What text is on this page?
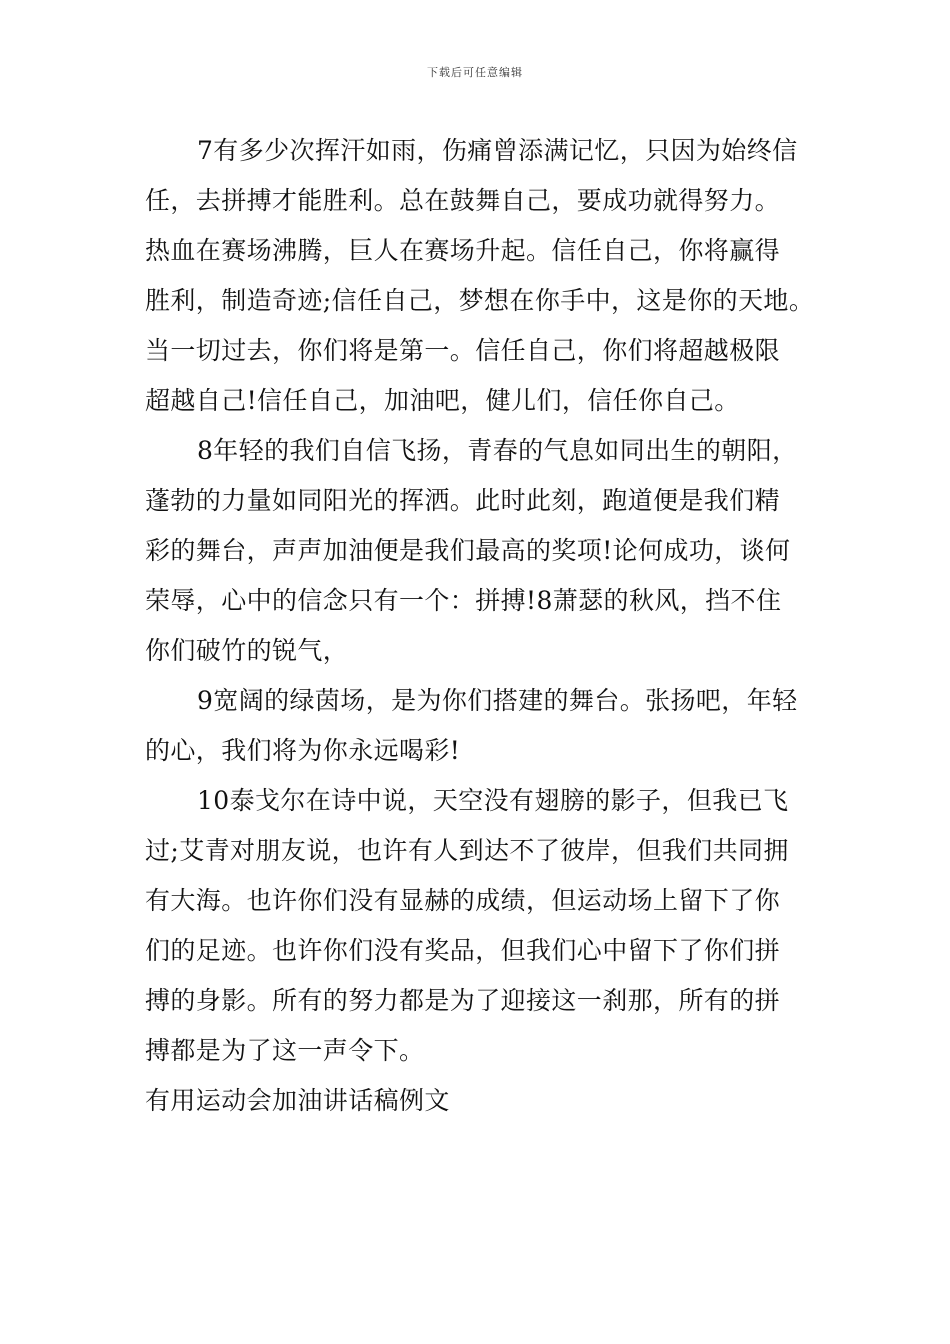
下载后可任意编辑
7有多少次挥汗如雨，伤痛曾添满记忆，只因为始终信
任，去拼搏才能胜利。总在鼓舞自己，要成功就得努力。
热血在赛场沸腾，巨人在赛场升起。信任自己，你将赢得
胜利，制造奇迹;信任自己，梦想在你手中，这是你的天地。
当一切过去，你们将是第一。信任自己，你们将超越极限
超越自己!信任自己，加油吧，健儿们，信任你自己。
8年轻的我们自信飞扬，青春的气息如同出生的朝阳，
蓬勃的力量如同阳光的挥洒。此时此刻，跑道便是我们精
彩的舞台，声声加油便是我们最高的奖项!论何成功，谈何
荣辱，心中的信念只有一个：拼搏!8萧瑟的秋风，挡不住
你们破竹的锐气，
9宽阔的绿茵场，是为你们搭建的舞台。张扬吧，年轻
的心，我们将为你永远喝彩!
10泰戈尔在诗中说，天空没有翅膀的影子，但我已飞
过;艾青对朋友说，也许有人到达不了彼岸，但我们共同拥
有大海。也许你们没有显赫的成绩，但运动场上留下了你
们的足迹。也许你们没有奖品，但我们心中留下了你们拼
搏的身影。所有的努力都是为了迎接这一刹那，所有的拼
搏都是为了这一声令下。
有用运动会加油讲话稿例文
